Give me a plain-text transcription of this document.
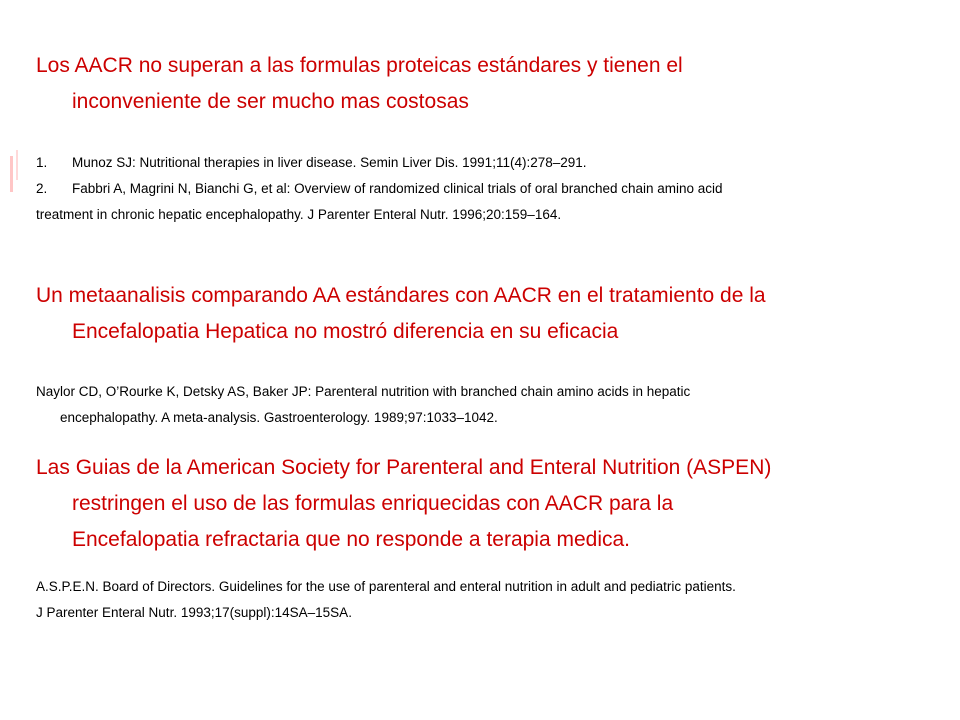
Los AACR no superan a las formulas proteicas estándares y tienen el
inconveniente de ser mucho mas costosas

1. Munoz SJ: Nutritional therapies in liver disease. Semin Liver Dis. 1991;11(4):278–291.
2. Fabbri A, Magrini N, Bianchi G, et al: Overview of randomized clinical trials of oral branched chain amino acid
treatment in chronic hepatic encephalopathy. J Parenter Enteral Nutr. 1996;20:159–164.

Un metaanalisis comparando AA estándares con AACR en el tratamiento de la
Encefalopatia Hepatica no mostró diferencia en su eficacia

Naylor CD, O’Rourke K, Detsky AS, Baker JP: Parenteral nutrition with branched chain amino acids in hepatic
encephalopathy. A meta-analysis. Gastroenterology. 1989;97:1033–1042.

Las Guias de la American Society for Parenteral and Enteral Nutrition (ASPEN)
restringen el uso de las formulas enriquecidas con AACR para la
Encefalopatia refractaria que no responde a terapia medica.

A.S.P.E.N. Board of Directors. Guidelines for the use of parenteral and enteral nutrition in adult and pediatric patients.
J Parenter Enteral Nutr. 1993;17(suppl):14SA–15SA.
